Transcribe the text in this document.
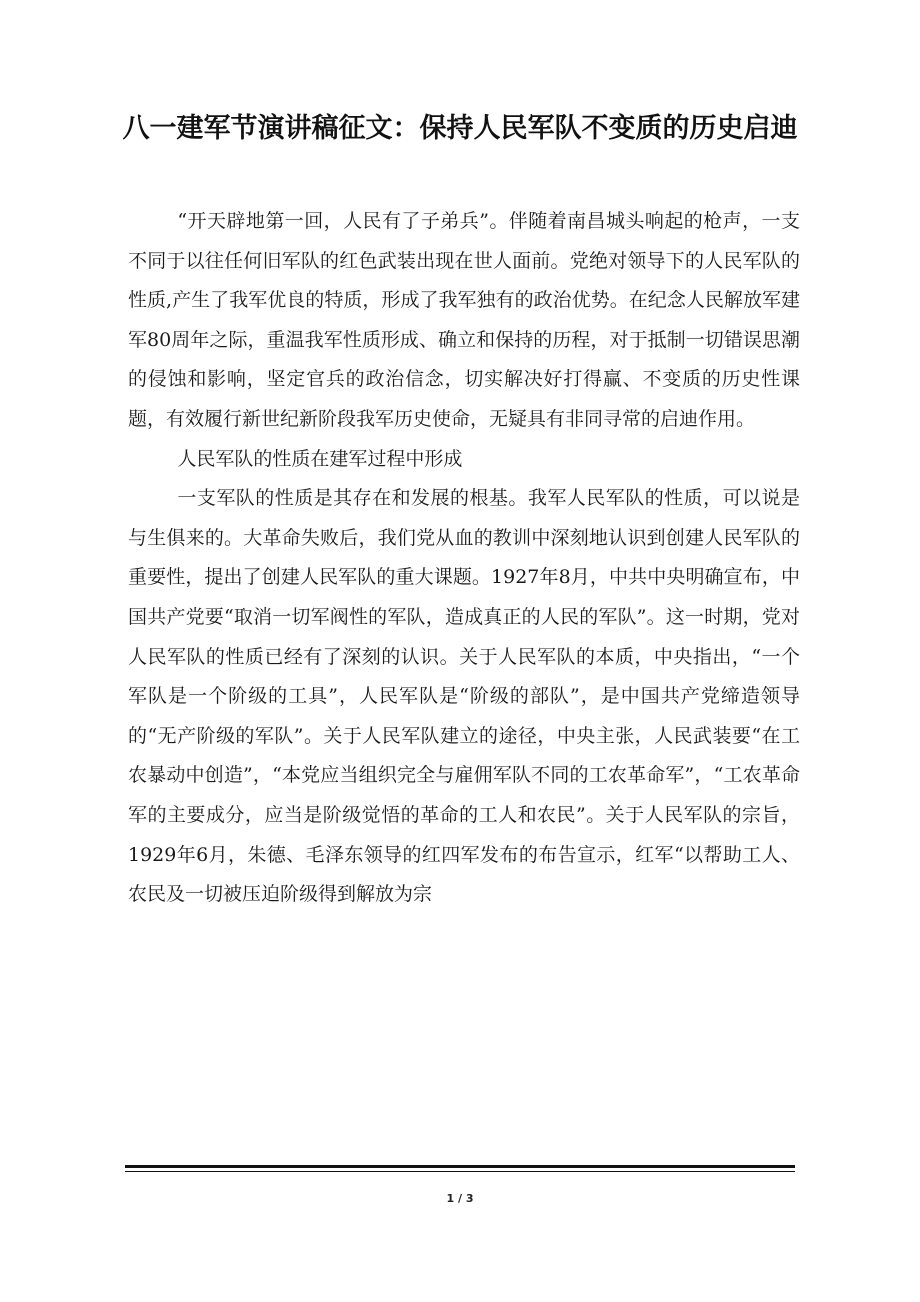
八一建军节演讲稿征文：保持人民军队不变质的历史启迪

“开天辟地第一回，人民有了子弟兵”。伴随着南昌城头响起的枪声，一支不同于以往任何旧军队的红色武装出现在世人面前。党绝对领导下的人民军队的性质,产生了我军优良的特质，形成了我军独有的政治优势。在纪念人民解放军建军80周年之际，重温我军性质形成、确立和保持的历程，对于抵制一切错误思潮的侵蚀和影响，坚定官兵的政治信念，切实解决好打得赢、不变质的历史性课题，有效履行新世纪新阶段我军历史使命，无疑具有非同寻常的启迪作用。

人民军队的性质在建军过程中形成

一支军队的性质是其存在和发展的根基。我军人民军队的性质，可以说是与生俱来的。大革命失败后，我们党从血的教训中深刻地认识到创建人民军队的重要性，提出了创建人民军队的重大课题。1927年8月，中共中央明确宣布，中国共产党要“取消一切军阀性的军队，造成真正的人民的军队”。这一时期，党对人民军队的性质已经有了深刻的认识。关于人民军队的本质，中央指出，“一个军队是一个阶级的工具”，人民军队是“阶级的部队”，是中国共产党缔造领导的“无产阶级的军队”。关于人民军队建立的途径，中央主张，人民武装要“在工农暴动中创造”，“本党应当组织完全与雇佣军队不同的工农革命军”，“工农革命军的主要成分，应当是阶级觉悟的革命的工人和农民”。关于人民军队的宗旨，1929年6月，朱德、毛泽东领导的红四军发布的布告宣示，红军“以帮助工人、农民及一切被压迫阶级得到解放为宗

1 / 3
